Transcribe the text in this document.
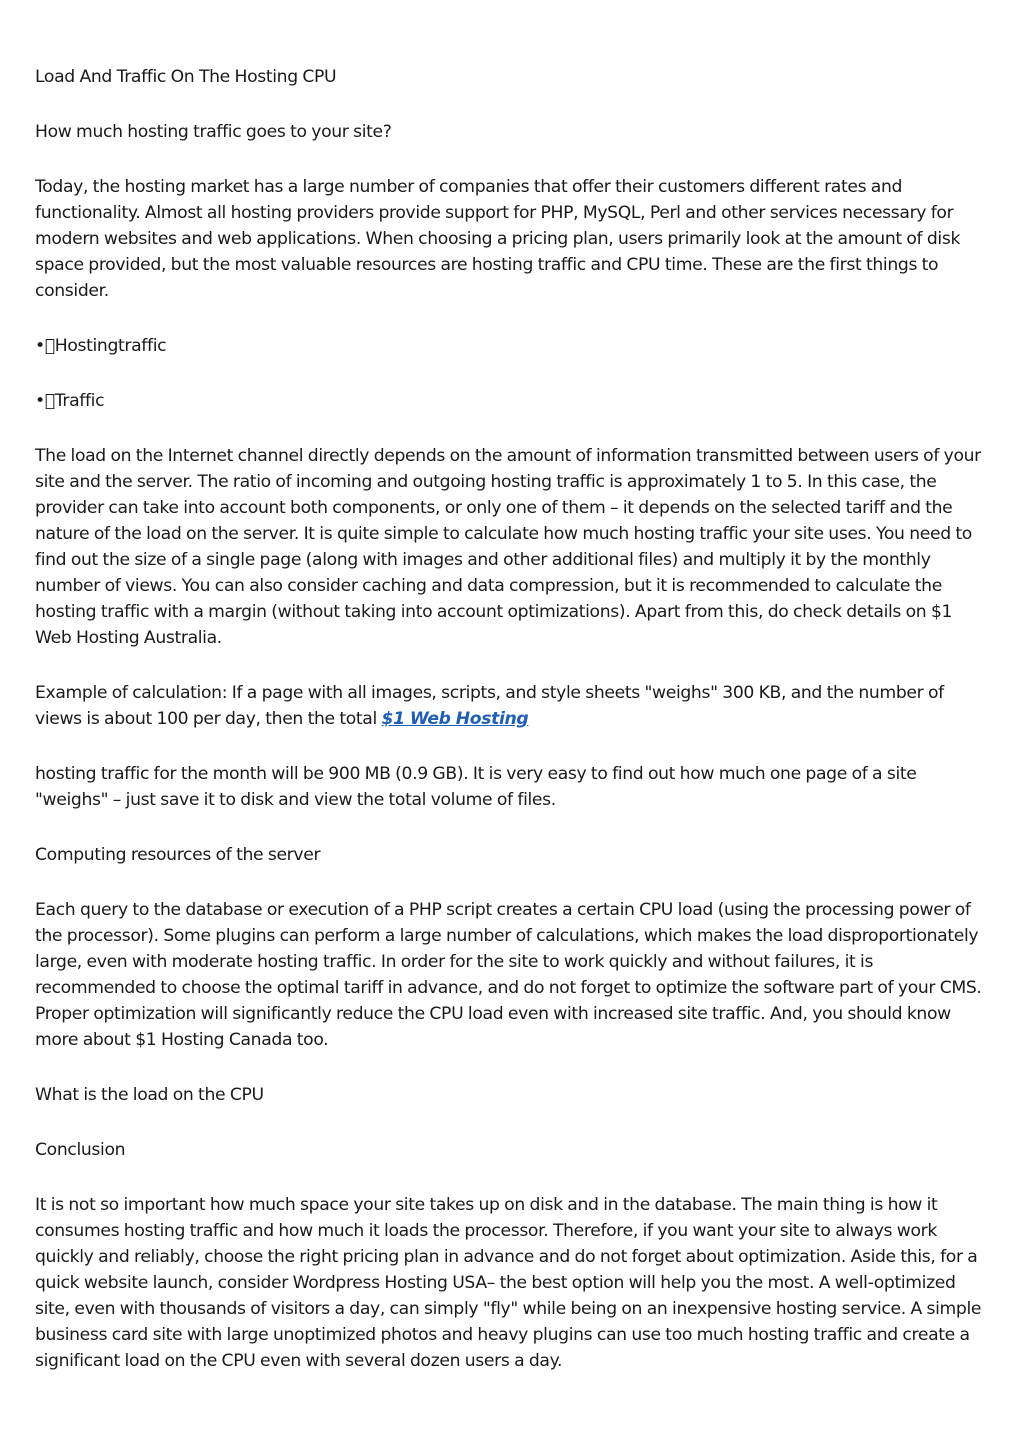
Load And Traffic On The Hosting CPU

How much hosting traffic goes to your site?

Today, the hosting market has a large number of companies that offer their customers different rates and functionality. Almost all hosting providers provide support for PHP, MySQL, Perl and other services necessary for modern websites and web applications. When choosing a pricing plan, users primarily look at the amount of disk space provided, but the most valuable resources are hosting traffic and CPU time. These are the first things to consider.

• Hostingtraffic

• Traffic

The load on the Internet channel directly depends on the amount of information transmitted between users of your site and the server. The ratio of incoming and outgoing hosting traffic is approximately 1 to 5. In this case, the provider can take into account both components, or only one of them – it depends on the selected tariff and the nature of the load on the server. It is quite simple to calculate how much hosting traffic your site uses. You need to find out the size of a single page (along with images and other additional files) and multiply it by the monthly number of views. You can also consider caching and data compression, but it is recommended to calculate the hosting traffic with a margin (without taking into account optimizations). Apart from this, do check details on $1 Web Hosting Australia.

Example of calculation: If a page with all images, scripts, and style sheets "weighs" 300 KB, and the number of views is about 100 per day, then the total $1 Web Hosting

hosting traffic for the month will be 900 MB (0.9 GB). It is very easy to find out how much one page of a site "weighs" – just save it to disk and view the total volume of files.

Computing resources of the server

Each query to the database or execution of a PHP script creates a certain CPU load (using the processing power of the processor). Some plugins can perform a large number of calculations, which makes the load disproportionately large, even with moderate hosting traffic. In order for the site to work quickly and without failures, it is recommended to choose the optimal tariff in advance, and do not forget to optimize the software part of your CMS. Proper optimization will significantly reduce the CPU load even with increased site traffic. And, you should know more about $1 Hosting Canada too.

What is the load on the CPU

Conclusion

It is not so important how much space your site takes up on disk and in the database. The main thing is how it consumes hosting traffic and how much it loads the processor. Therefore, if you want your site to always work quickly and reliably, choose the right pricing plan in advance and do not forget about optimization. Aside this, for a quick website launch, consider Wordpress Hosting USA– the best option will help you the most. A well-optimized site, even with thousands of visitors a day, can simply "fly" while being on an inexpensive hosting service. A simple business card site with large unoptimized photos and heavy plugins can use too much hosting traffic and create a significant load on the CPU even with several dozen users a day.
